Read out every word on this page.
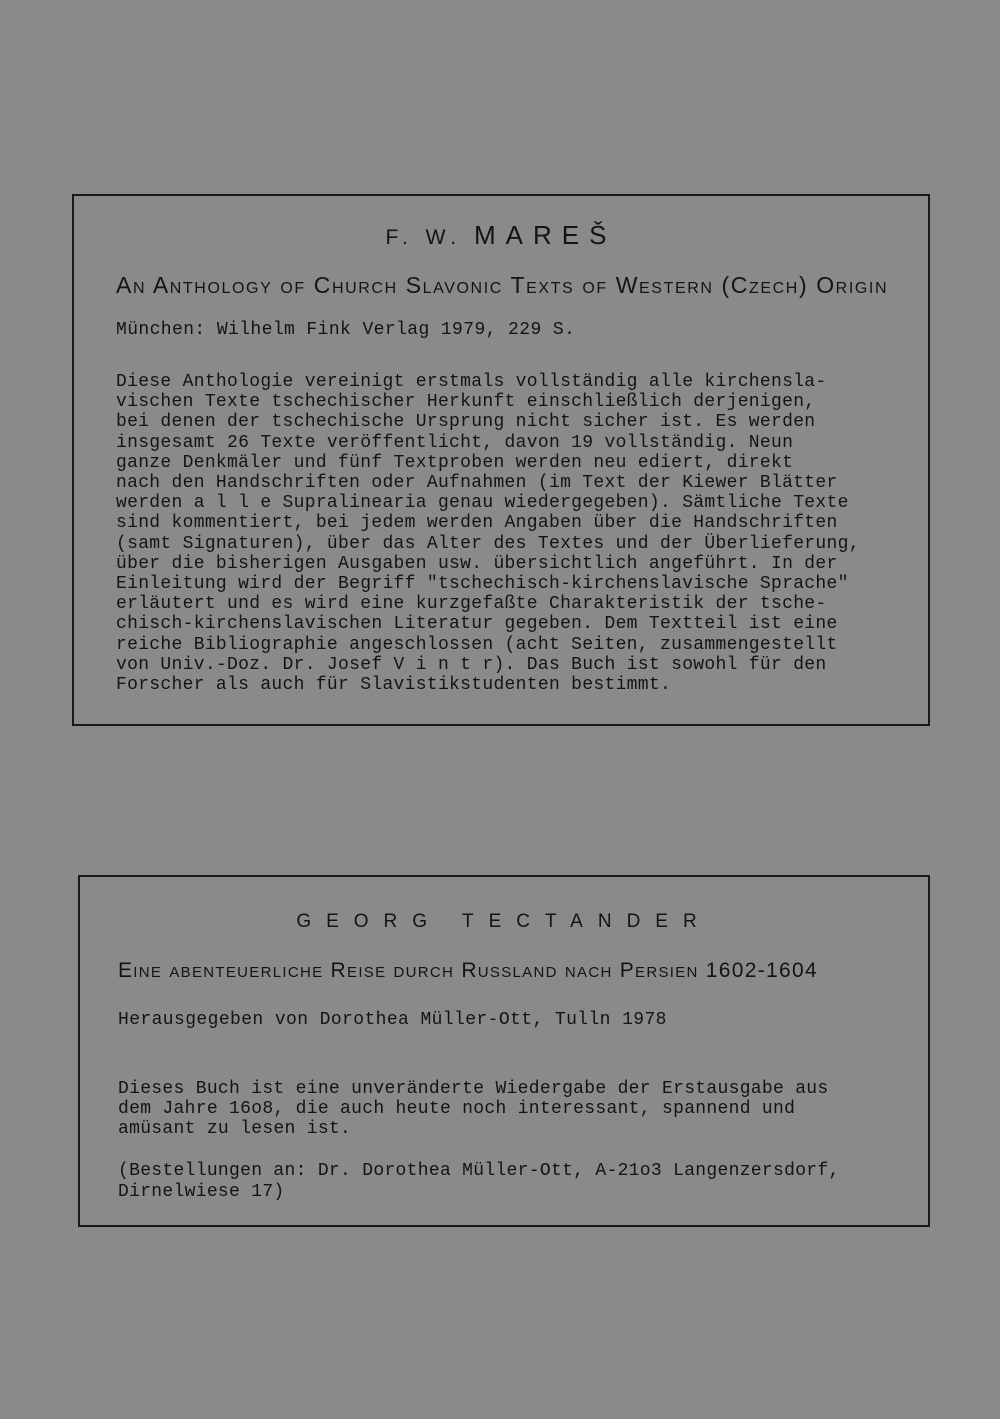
F. W. MAREŠ
An Anthology of Church Slavonic Texts of Western (Czech) Origin
München: Wilhelm Fink Verlag 1979, 229 S.
Diese Anthologie vereinigt erstmals vollständig alle kirchensla-
vischen Texte tschechischer Herkunft einschließlich derjenigen,
bei denen der tschechische Ursprung nicht sicher ist. Es werden
insgesamt 26 Texte veröffentlicht, davon 19 vollständig. Neun
ganze Denkmäler und fünf Textproben werden neu ediert, direkt
nach den Handschriften oder Aufnahmen (im Text der Kiewer Blätter
werden a l l e Supralinearia genau wiedergegeben). Sämtliche Texte
sind kommentiert, bei jedem werden Angaben über die Handschriften
(samt Signaturen), über das Alter des Textes und der Überlieferung,
über die bisherigen Ausgaben usw. übersichtlich angeführt. In der
Einleitung wird der Begriff "tschechisch-kirchenslavische Sprache"
erläutert und es wird eine kurzgefaßte Charakteristik der tsche-
chisch-kirchenslavischen Literatur gegeben. Dem Textteil ist eine
reiche Bibliographie angeschlossen (acht Seiten, zusammengestellt
von Univ.-Doz. Dr. Josef V i n t r). Das Buch ist sowohl für den
Forscher als auch für Slavistikstudenten bestimmt.
GEORG TECTANDER
Eine abenteuerliche Reise durch Russland nach Persien 1602-1604
Herausgegeben von Dorothea Müller-Ott, Tulln 1978
Dieses Buch ist eine unveränderte Wiedergabe der Erstausgabe aus
dem Jahre 16o8, die auch heute noch interessant, spannend und
amüsant zu lesen ist.
(Bestellungen an: Dr. Dorothea Müller-Ott, A-21o3 Langenzersdorf,
Dirnelwiese 17)
